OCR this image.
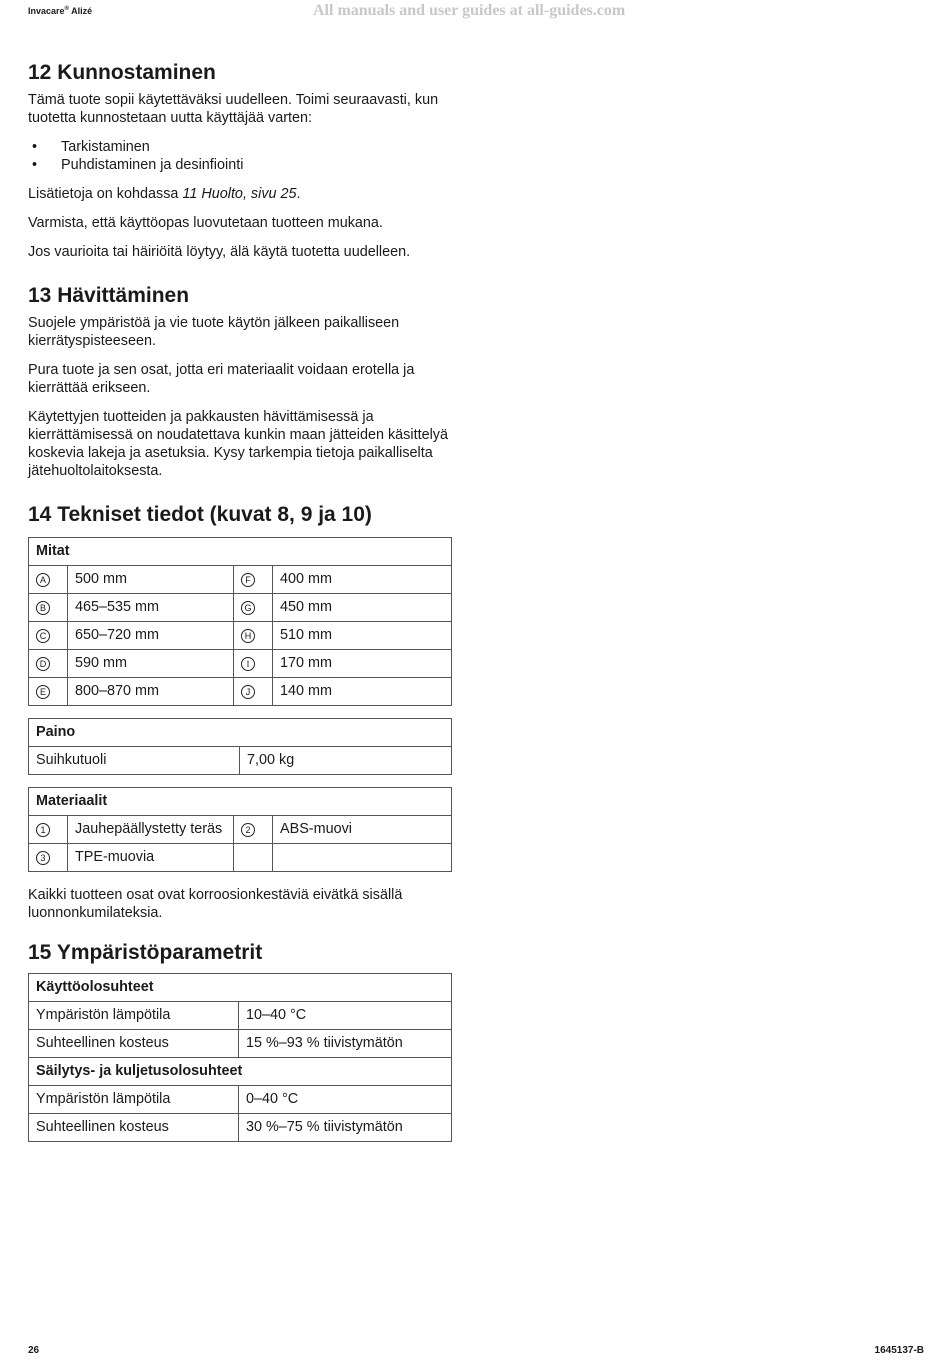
Invacare® Alizé	All manuals and user guides at all-guides.com
12 Kunnostaminen

Tämä tuote sopii käytettäväksi uudelleen. Toimi seuraavasti, kun tuotetta kunnostetaan uutta käyttäjää varten:

• Tarkistaminen
• Puhdistaminen ja desinfiointi

Lisätietoja on kohdassa 11 Huolto, sivu 25.

Varmista, että käyttöopas luovutetaan tuotteen mukana.

Jos vaurioita tai häiriöitä löytyy, älä käytä tuotetta uudelleen.

13 Hävittäminen

Suojele ympäristöä ja vie tuote käytön jälkeen paikalliseen kierrätyspisteeseen.

Pura tuote ja sen osat, jotta eri materiaalit voidaan erotella ja kierrättää erikseen.

Käytettyjen tuotteiden ja pakkausten hävittämisessä ja kierrättämisessä on noudatettava kunkin maan jätteiden käsittelyä koskevia lakeja ja asetuksia. Kysy tarkempia tietoja paikalliselta jätehuoltolaitoksesta.

14 Tekniset tiedot (kuvat 8, 9 ja 10)
Mitat			
A	500 mm	F	400 mm
B	465–535 mm	G	450 mm
C	650–720 mm	H	510 mm
D	590 mm	I	170 mm
E	800–870 mm	J	140 mm
Paino
Suihkutuoli	7,00 kg
Materiaalit			
1	Jauhepäällystetty teräs	2	ABS-muovi
3	TPE-muovia		

Kaikki tuotteen osat ovat korroosionkestäviä eivätkä sisällä luonnonkumilateksia.

15 Ympäristöparametrit
Käyttöolosuhteet	
Ympäristön lämpötila	10–40 °C
Suhteellinen kosteus	15 %–93 % tiivistymätön
Säilytys- ja kuljetusolosuhteet	
Ympäristön lämpötila	0–40 °C
Suhteellinen kosteus	30 %–75 % tiivistymätön
26	1645137-B
